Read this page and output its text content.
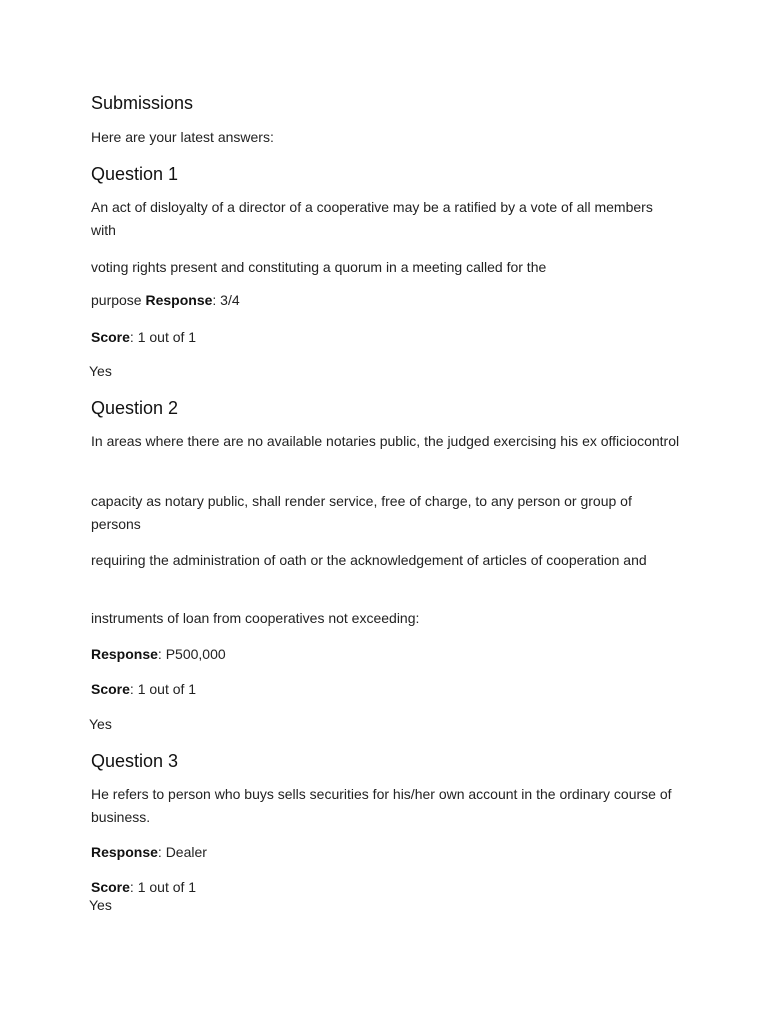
Submissions
Here are your latest answers:
Question 1
An act of disloyalty of a director of a cooperative may be a ratified by a vote of all members with
voting rights present and constituting a quorum in a meeting called for the
purpose Response: 3/4
Score: 1 out of 1
Yes
Question 2
In areas where there are no available notaries public, the judged exercising his ex officiocontrol
capacity as notary public, shall render service, free of charge, to any person or group of persons
requiring the administration of oath or the acknowledgement of articles of cooperation and
instruments of loan from cooperatives not exceeding:
Response: P500,000
Score: 1 out of 1
Yes
Question 3
He refers to person who buys sells securities for his/her own account in the ordinary course of business.
Response: Dealer
Score: 1 out of 1
Yes
